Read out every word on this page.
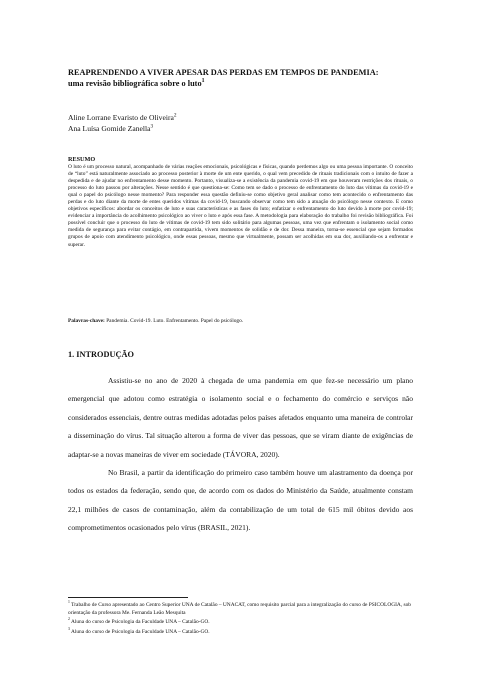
REAPRENDENDO A VIVER APESAR DAS PERDAS EM TEMPOS DE PANDEMIA:
uma revisão bibliográfica sobre o luto$^1$
Aline Lorrane Evaristo de Oliveira$^2$
Ana Luísa Gomide Zanella$^3$
RESUMO
O luto é um processo natural, acompanhado de várias reações emocionais, psicológicas e físicas, quando perdemos algo ou uma pessoa importante. O conceito de “luto” está naturalmente associado ao processo posterior à morte de um ente querido, o qual vem precedido de rituais tradicionais com o intuito de fazer a despedida e de ajudar no enfrentamento desse momento. Portanto, visualiza-se a existência da pandemia covid-19 em que houveram restrições dos rituais, o processo do luto passou por alterações. Nesse sentido é que questiona-se: Como tem se dado o processo de enfrentamento do luto das vítimas da covid-19 e qual o papel do psicólogo nesse momento? Para responder essa questão definiu-se como objetivo geral analisar como tem acontecido o enfrentamento das perdas e do luto diante da morte de entes queridos vítimas da covid-19, buscando observar como tem sido a atuação do psicólogo nesse contexto. E como objetivos específicos: abordar os conceitos de luto e suas características e as fases do luto; enfatizar o enfrentamento do luto devido à morte por covid-19; evidenciar a importância do acolhimento psicológico ao viver o luto e após essa fase. A metodologia para elaboração do trabalho foi revisão bibliográfica. Foi possível concluir que o processo do luto de vítimas de covid-19 tem sido solitário para algumas pessoas, uma vez que enfrentam o isolamento social como medida de segurança para evitar contágio, em contrapartida, vivem momentos de solidão e de dor. Dessa maneira, torna-se essencial que sejam formados grupos de apoio com atendimento psicológico, onde essas pessoas, mesmo que virtualmente, possam ser acolhidas em sua dor, auxiliando-os a enfrentar e superar.
Palavras-chave: Pandemia. Covid-19. Luto. Enfrentamento. Papel do psicólogo.
1. INTRODUÇÃO

Assistiu-se no ano de 2020 à chegada de uma pandemia em que fez-se necessário um plano emergencial que adotou como estratégia o isolamento social e o fechamento do comércio e serviços não considerados essenciais, dentre outras medidas adotadas pelos países afetados enquanto uma maneira de controlar a disseminação do vírus. Tal situação alterou a forma de viver das pessoas, que se viram diante de exigências de adaptar-se a novas maneiras de viver em sociedade (TÁVORA, 2020).

No Brasil, a partir da identificação do primeiro caso também houve um alastramento da doença por todos os estados da federação, sendo que, de acordo com os dados do Ministério da Saúde, atualmente constam 22,1 milhões de casos de contaminação, além da contabilização de um total de 615 mil óbitos devido aos comprometimentos ocasionados pelo vírus (BRASIL, 2021).

$^1$ Trabalho de Curso apresentado ao Centro Superior UNA de Catalão – UNACAT, como requisito parcial para a integralização do curso de PSICOLOGIA, sob orientação da professora Me. Fernanda Leão Mesquita
$^2$ Aluna do curso de Psicologia da Faculdade UNA – Catalão-GO.
$^3$ Aluna do curso de Psicologia da Faculdade UNA – Catalão-GO.
